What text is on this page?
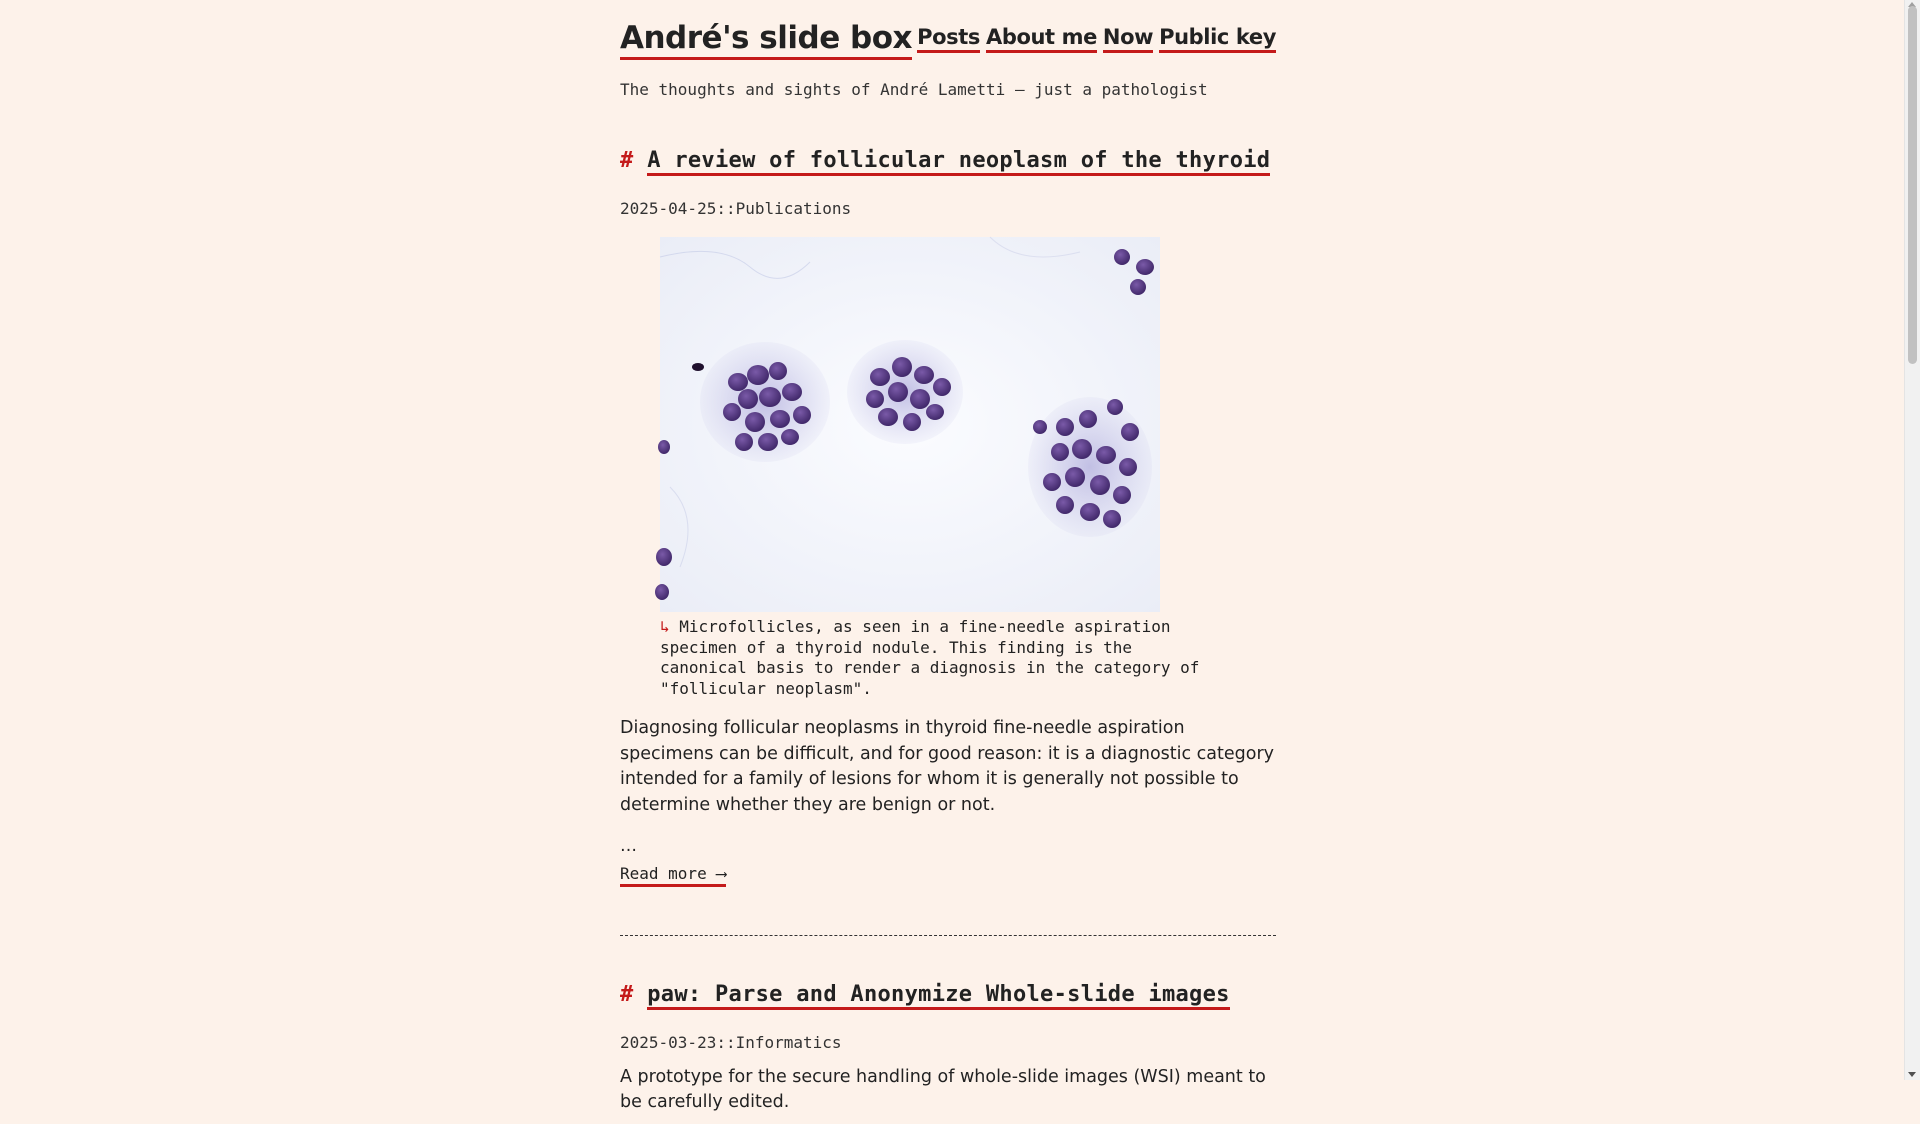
André's slide box Posts About me Now Public key
The thoughts and sights of André Lametti — just a pathologist
# A review of follicular neoplasm of the thyroid
2025-04-25::Publications
↳ Microfollicles, as seen in a fine-needle aspiration specimen of a thyroid nodule. This finding is the canonical basis to render a diagnosis in the category of "follicular neoplasm".

Diagnosing follicular neoplasms in thyroid fine-needle aspiration specimens can be difficult, and for good reason: it is a diagnostic category intended for a family of lesions for whom it is generally not possible to determine whether they are benign or not.

…
Read more ⟶
# paw: Parse and Anonymize Whole-slide images
2025-03-23::Informatics
A prototype for the secure handling of whole-slide images (WSI) meant to be carefully edited.
